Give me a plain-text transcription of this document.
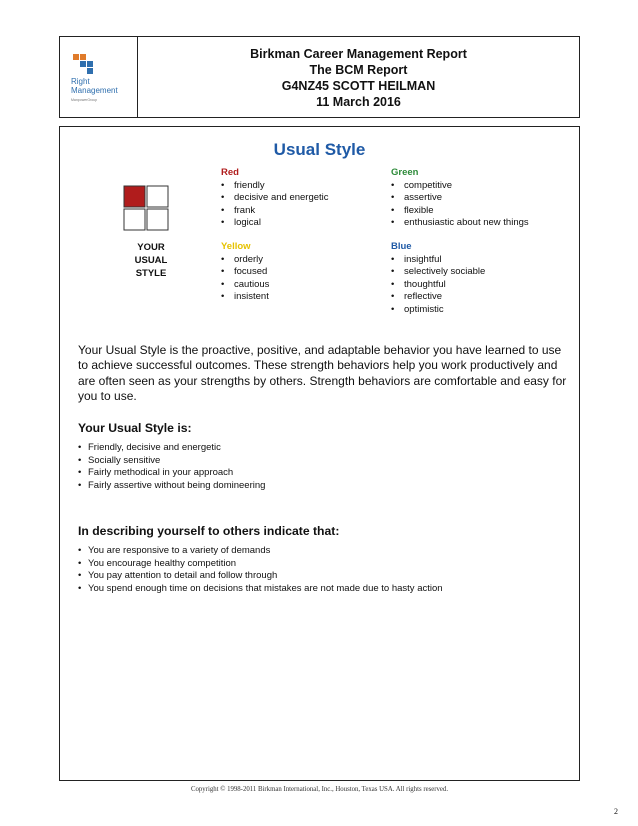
Right
Management
ManpowerGroup
Birkman Career Management Report
The BCM Report
G4NZ45 SCOTT HEILMAN
11 March 2016
Usual Style
YOUR
USUAL
STYLE
Red
• friendly
• decisive and energetic
• frank
• logical
Green
• competitive
• assertive
• flexible
• enthusiastic about new things
Yellow
• orderly
• focused
• cautious
• insistent
Blue
• insightful
• selectively sociable
• thoughtful
• reflective
• optimistic
Your Usual Style is the proactive, positive, and adaptable behavior you have learned to use to achieve successful outcomes. These strength behaviors help you work productively and are often seen as your strengths by others. Strength behaviors are comfortable and easy for you to use.
Your Usual Style is:
• Friendly, decisive and energetic
• Socially sensitive
• Fairly methodical in your approach
• Fairly assertive without being domineering
In describing yourself to others indicate that:
• You are responsive to a variety of demands
• You encourage healthy competition
• You pay attention to detail and follow through
• You spend enough time on decisions that mistakes are not made due to hasty action
Copyright © 1998-2011 Birkman International, Inc., Houston, Texas USA. All rights reserved.
2
